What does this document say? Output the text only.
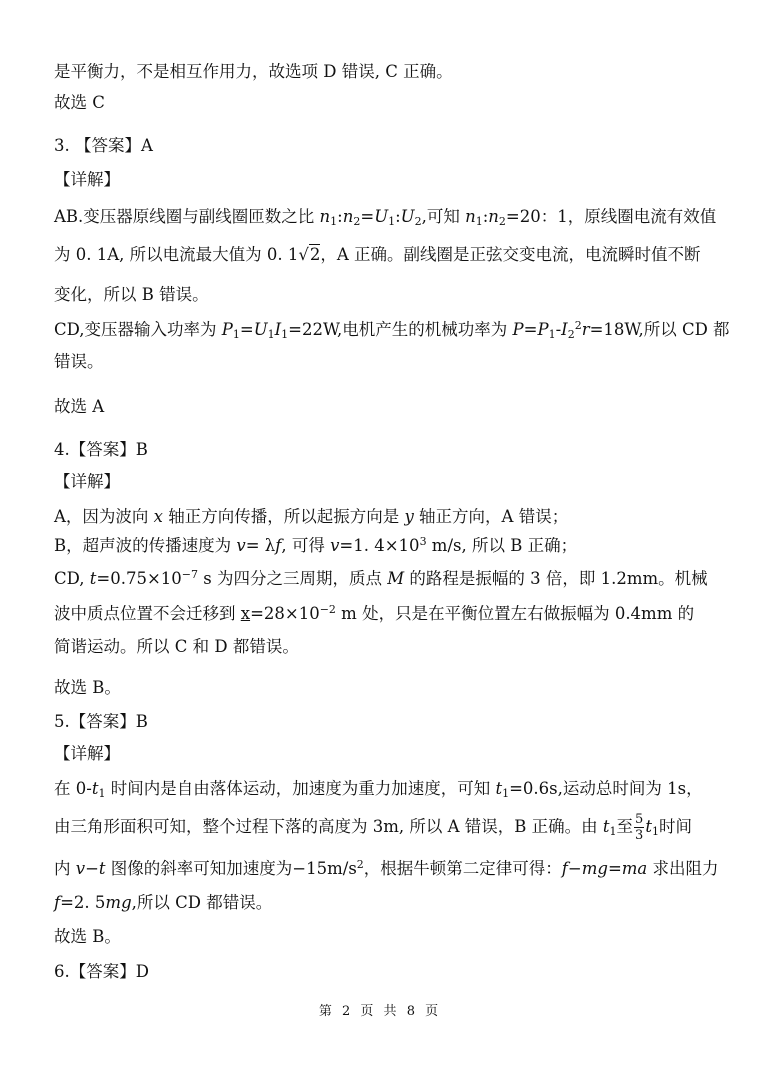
是平衡力，不是相互作用力，故选项 D 错误, C 正确。
故选 C
3. 【答案】A
【详解】
AB.变压器原线圈与副线圈匝数之比 $n_1:n_2=U_1:U_2$,可知 $n_1:n_2=20$：1，原线圈电流有效值
为 0. 1A, 所以电流最大值为 0. 1√2，A 正确。副线圈是正弦交变电流，电流瞬时值不断
变化，所以 B 错误。
CD,变压器输入功率为 $P_1=U_1I_1=22W$,电机产生的机械功率为 $P=P_1-I_2^2r=18W$,所以 CD 都
错误。
故选 A
4.【答案】B
【详解】
A，因为波向 x 轴正方向传播，所以起振方向是 y 轴正方向，A 错误；
B，超声波的传播速度为 v= λf, 可得 v=1. $4\times 10^3$ m/s, 所以 B 正确；
CD, $t=0.75\times 10^{-7}$ s 为四分之三周期，质点 M 的路程是振幅的 3 倍，即 1.2mm。机械
波中质点位置不会迁移到 $x=28\times 10^{-2}$ m 处，只是在平衡位置左右做振幅为 0.4mm 的
简谐运动。所以 C 和 D 都错误。
故选 B。
5.【答案】B
【详解】
在 $0-t_1$ 时间内是自由落体运动，加速度为重力加速度，可知 $t_1=0.6s$,运动总时间为 1s，
由三角形面积可知，整个过程下落的高度为 3m, 所以 A 错误，B 正确。由 $t_1$至 $\frac{5}{3} t_1$时间
内 v−t 图像的斜率可知加速度为$-15m/s^2$，根据牛顿第二定律可得：f−mg=ma 求出阻力
f=2. 5mg,所以 CD 都错误。
故选 B。
6.【答案】D
第 2 页 共 8 页
